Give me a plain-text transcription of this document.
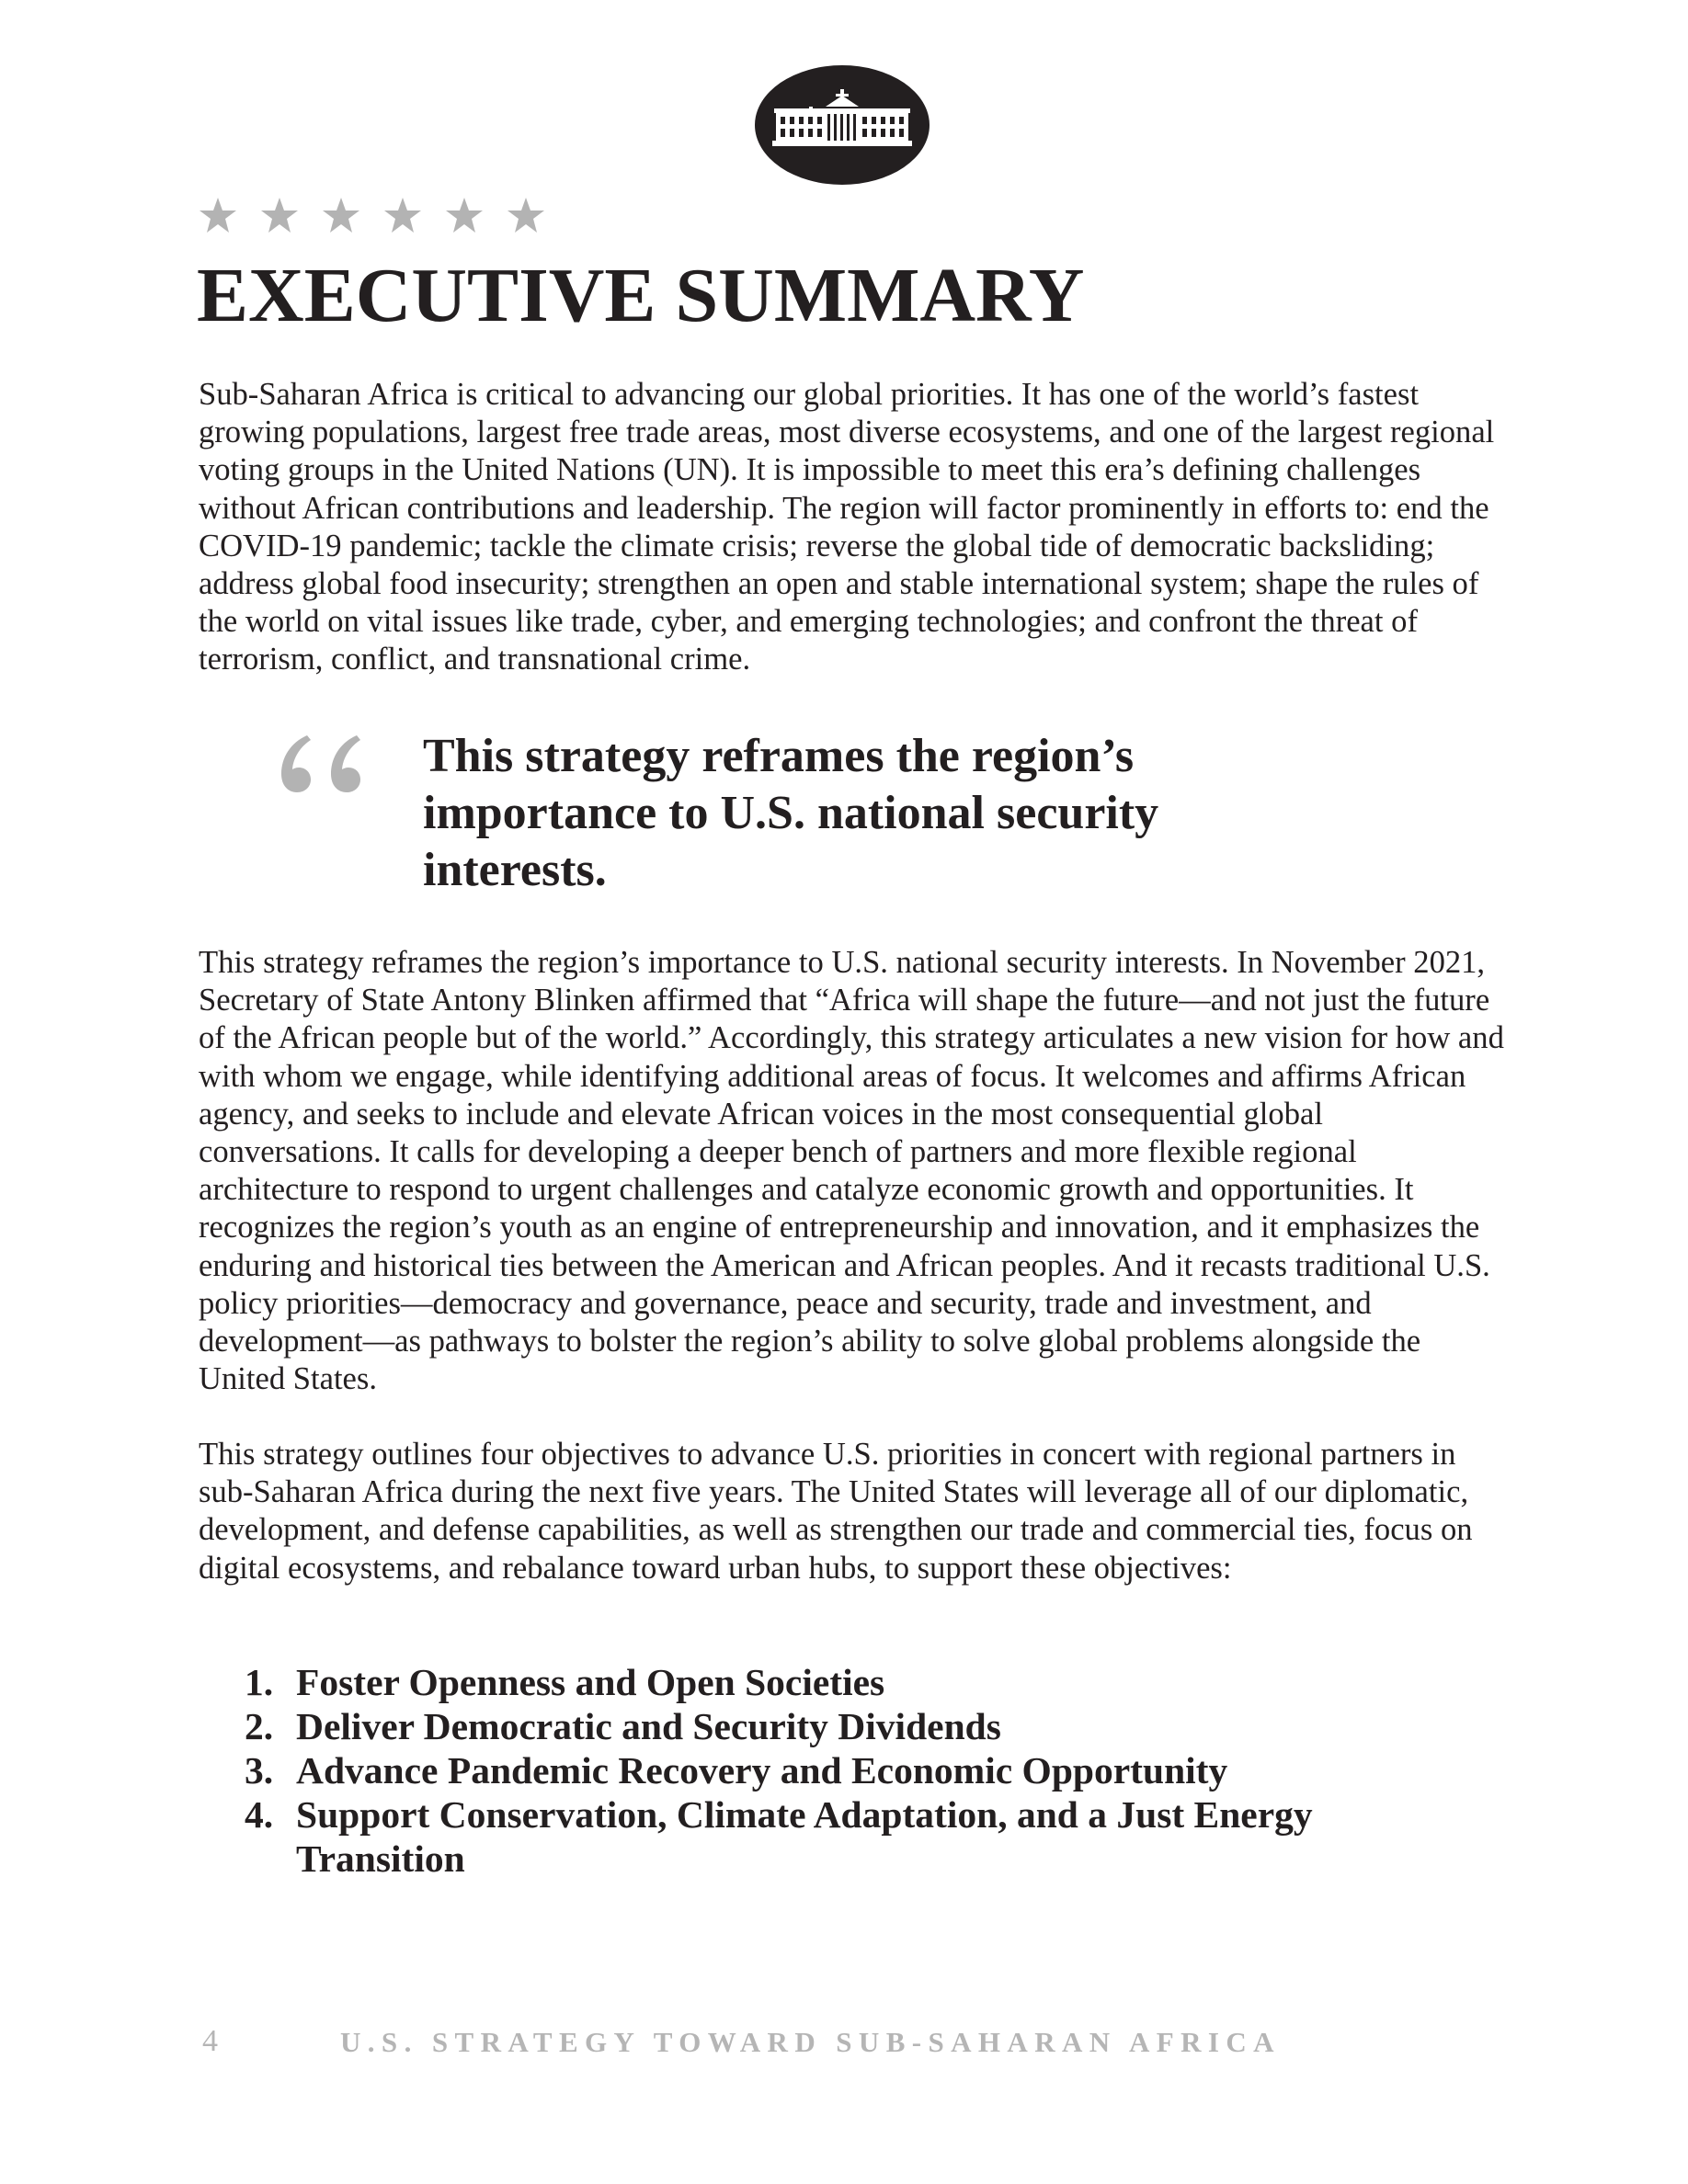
EXECUTIVE SUMMARY

Sub-Saharan Africa is critical to advancing our global priorities. It has one of the world’s fastest growing populations, largest free trade areas, most diverse ecosystems, and one of the largest regional voting groups in the United Nations (UN). It is impossible to meet this era’s defining challenges without African contributions and leadership. The region will factor prominently in efforts to: end the COVID-19 pandemic; tackle the climate crisis; reverse the global tide of democratic backsliding; address global food insecurity; strengthen an open and stable international system; shape the rules of the world on vital issues like trade, cyber, and emerging technologies; and confront the threat of terrorism, conflict, and transnational crime.

This strategy reframes the region’s importance to U.S. national security interests.

This strategy reframes the region’s importance to U.S. national security interests. In November 2021, Secretary of State Antony Blinken affirmed that “Africa will shape the future—and not just the future of the African people but of the world.” Accordingly, this strategy articulates a new vision for how and with whom we engage, while identifying additional areas of focus. It welcomes and affirms African agency, and seeks to include and elevate African voices in the most consequential global conversations. It calls for developing a deeper bench of partners and more flexible regional architecture to respond to urgent challenges and catalyze economic growth and opportunities. It recognizes the region’s youth as an engine of entrepreneurship and innovation, and it emphasizes the enduring and historical ties between the American and African peoples. And it recasts traditional U.S. policy priorities—democracy and governance, peace and security, trade and investment, and development—as pathways to bolster the region’s ability to solve global problems alongside the United States.

This strategy outlines four objectives to advance U.S. priorities in concert with regional partners in sub-Saharan Africa during the next five years. The United States will leverage all of our diplomatic, development, and defense capabilities, as well as strengthen our trade and commercial ties, focus on digital ecosystems, and rebalance toward urban hubs, to support these objectives:

1. Foster Openness and Open Societies
2. Deliver Democratic and Security Dividends
3. Advance Pandemic Recovery and Economic Opportunity
4. Support Conservation, Climate Adaptation, and a Just Energy Transition
4	U.S. STRATEGY TOWARD SUB-SAHARAN AFRICA
